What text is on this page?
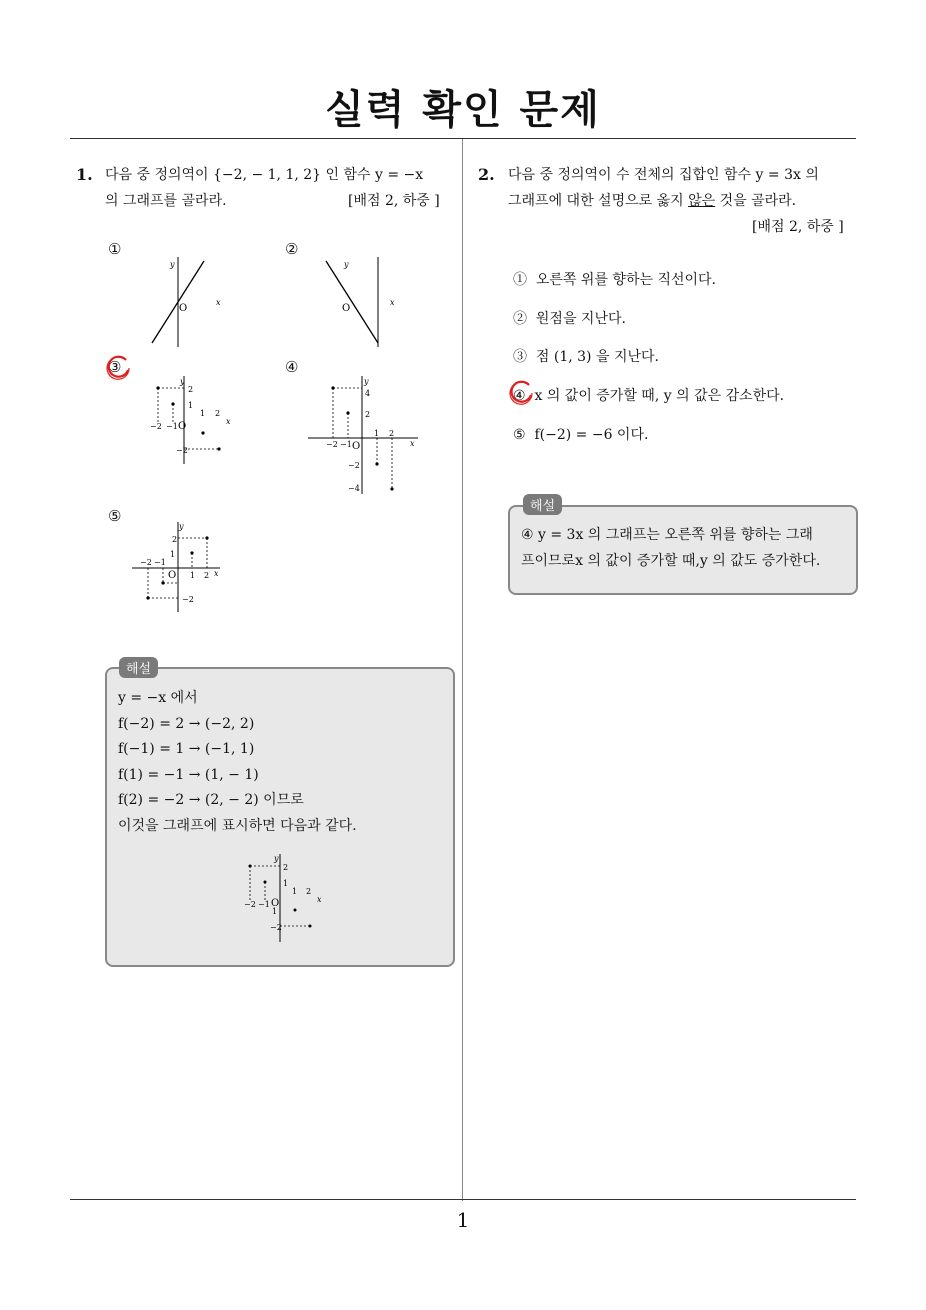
실력 확인 문제
1
1. 다음 중 정의역이 {−2, − 1, 1, 2} 인 함수 y = −x
의 그래프를 골라라.	[배점 2, 하중 ]
①	②
③	④
⑤
y
O
x
y
O
x
y
2
1
1 2
x
−2 −1 O
−2
y
4
2
1 2
x
−2 −1 O
−2
−4
y
2
1
−2 −1
O 1 2 x
−2
해설
y = −x 에서
f(−2) = 2 → (−2, 2)
f(−1) = 1 → (−1, 1)
f(1) = −1 → (1, − 1)
f(2) = −2 → (2, − 2) 이므로
이것을 그래프에 표시하면 다음과 같다.
y
2
1
1 2
x
−2 −1 O
1
−2
2. 다음 중 정의역이 수 전체의 집합인 함수 y = 3x 의
그래프에 대한 설명으로 옳지 않은 것을 골라라.
[배점 2, 하중 ]
① 오른쪽 위를 향하는 직선이다.
② 원점을 지난다.
③ 점 (1, 3) 을 지난다.
④ x 의 값이 증가할 때, y 의 값은 감소한다.
⑤ f(−2) = −6 이다.
해설
④ y = 3x 의 그래프는 오른쪽 위를 향하는 그래
프이므로x 의 값이 증가할 때,y 의 값도 증가한다.
